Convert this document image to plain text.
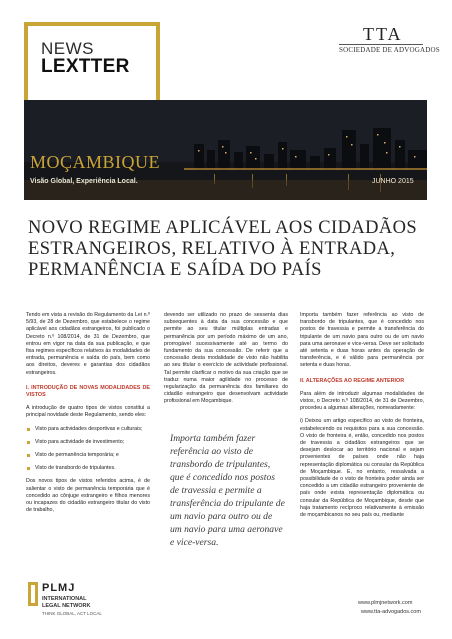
NEWS
LEXTTER
TTA
SOCIEDADE DE ADVOGADOS
MOÇAMBIQUE
Visão Global, Experiência Local.	JUNHO 2015
NOVO REGIME APLICÁVEL AOS CIDADÃOS
ESTRANGEIROS, RELATIVO À ENTRADA,
PERMANÊNCIA E SAÍDA DO PAÍS

Tendo em vista a revisão do Regulamento da Lei n.º 5/93, de 28 de Dezembro, que estabelece o regime aplicável aos cidadãos estrangeiros, foi publicado o Decreto n.º 108/2014, de 31 de Dezembro, que entrou em vigor na data da sua publicação, e que fixa regimes específicos relativos às modalidades de entrada, permanência e saída do país, bem como aos direitos, deveres e garantias dos cidadãos estrangeiros.

I. INTRODUÇÃO DE NOVAS MODALIDADES DE VISTOS

A introdução de quatro tipos de vistos constitui a principal novidade deste Regulamento, sendo eles:

Visto para actividades desportivas e culturais;
Visto para actividade de investimento;
Visto de permanência temporária; e
Visto de transbordo de tripulantes.

Dos novos tipos de vistos referidos acima, é de salientar o visto de permanência temporária que é concedido ao cônjuge estrangeiro e filhos menores ou incapazes do cidadão estrangeiro titular do visto de trabalho,

devendo ser utilizado no prazo de sessenta dias subsequentes à data da sua concessão e que permite ao seu titular múltiplas entradas e permanência por um período máximo de um ano, prorrogável sucessivamente até ao termo do fundamento da sua concessão. De referir que a concessão desta modalidade de visto não habilita ao seu titular o exercício de actividade profissional. Tal permite clarificar o motivo da sua criação que se traduz numa maior agilidade no processo de regularização da permanência dos familiares do cidadão estrangeiro que desenvolvam actividade profissional em Moçambique.

Importa também fazer referência ao visto de transbordo de tripulantes, que é concedido nos postos de travessia e permite a transferência do tripulante de um navio para outro ou de um navio para uma aeronave e vice-versa.

Importa também fazer referência ao visto de transbordo de tripulantes, que é concedido nos postos de travessia e permite a transferência do tripulante de um navio para outro ou de um navio para uma aeronave e vice-versa. Deve ser solicitado até setenta e duas horas antes da operação de transferência, e é válido para permanência por setenta e duas horas.

II. ALTERAÇÕES AO REGIME ANTERIOR

Para além de introduzir algumas modalidades de vistos, o Decreto n.º 108/2014, de 31 de Dezembro, procedeu a algumas alterações, nomeadamente:

i) Deixou um artigo específico ao visto de fronteira, estabelecendo os requisitos para a sua concessão. O visto de fronteira é, então, concedido nos postos de travessia a cidadãos estrangeiros que se desejam deslocar ao território nacional e sejam provenientes de países onde não haja representação diplomática ou consular da República de Moçambique. E, no entanto, ressalvada a possibilidade de o visto de fronteira poder ainda ser concedido a um cidadão estrangeiro proveniente de país onde exista representação diplomática ou consular da República de Moçambique, desde que haja tratamento recíproco relativamente à emissão de moçambicanos no seu país ou, mediante

PLMJ
INTERNATIONAL
LEGAL NETWORK
THINK GLOBAL, ACT LOCAL
www.plmjnetwork.com
www.tta-advogados.com
